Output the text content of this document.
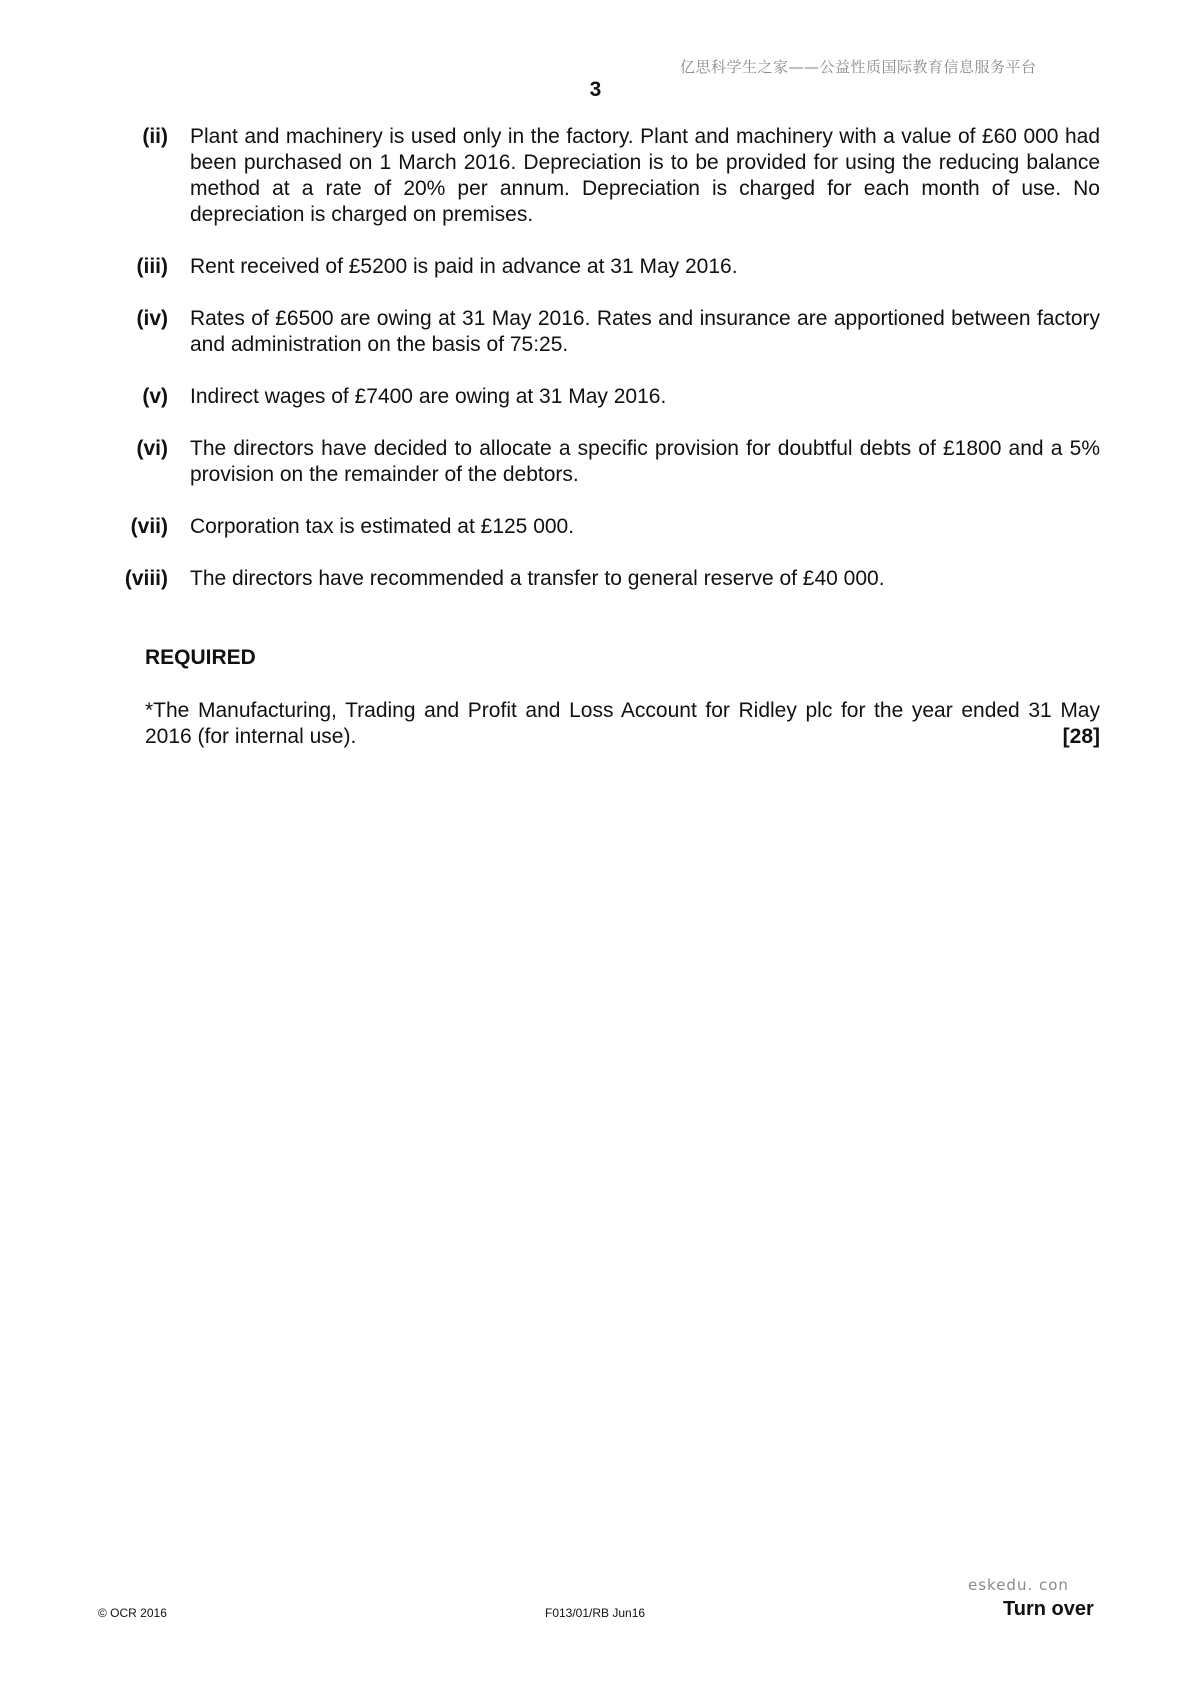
亿思科学生之家——公益性质国际教育信息服务平台
3
(ii)	Plant and machinery is used only in the factory. Plant and machinery with a value of £60 000 had been purchased on 1 March 2016. Depreciation is to be provided for using the reducing balance method at a rate of 20% per annum. Depreciation is charged for each month of use. No depreciation is charged on premises.
(iii)	Rent received of £5200 is paid in advance at 31 May 2016.
(iv)	Rates of £6500 are owing at 31 May 2016. Rates and insurance are apportioned between factory and administration on the basis of 75:25.
(v)	Indirect wages of £7400 are owing at 31 May 2016.
(vi)	The directors have decided to allocate a specific provision for doubtful debts of £1800 and a 5% provision on the remainder of the debtors.
(vii)	Corporation tax is estimated at £125 000.
(viii)	The directors have recommended a transfer to general reserve of £40 000.
REQUIRED
*The Manufacturing, Trading and Profit and Loss Account for Ridley plc for the year ended 31 May 2016 (for internal use).	[28]
© OCR 2016	F013/01/RB Jun16
eskedu. con
Turn over
